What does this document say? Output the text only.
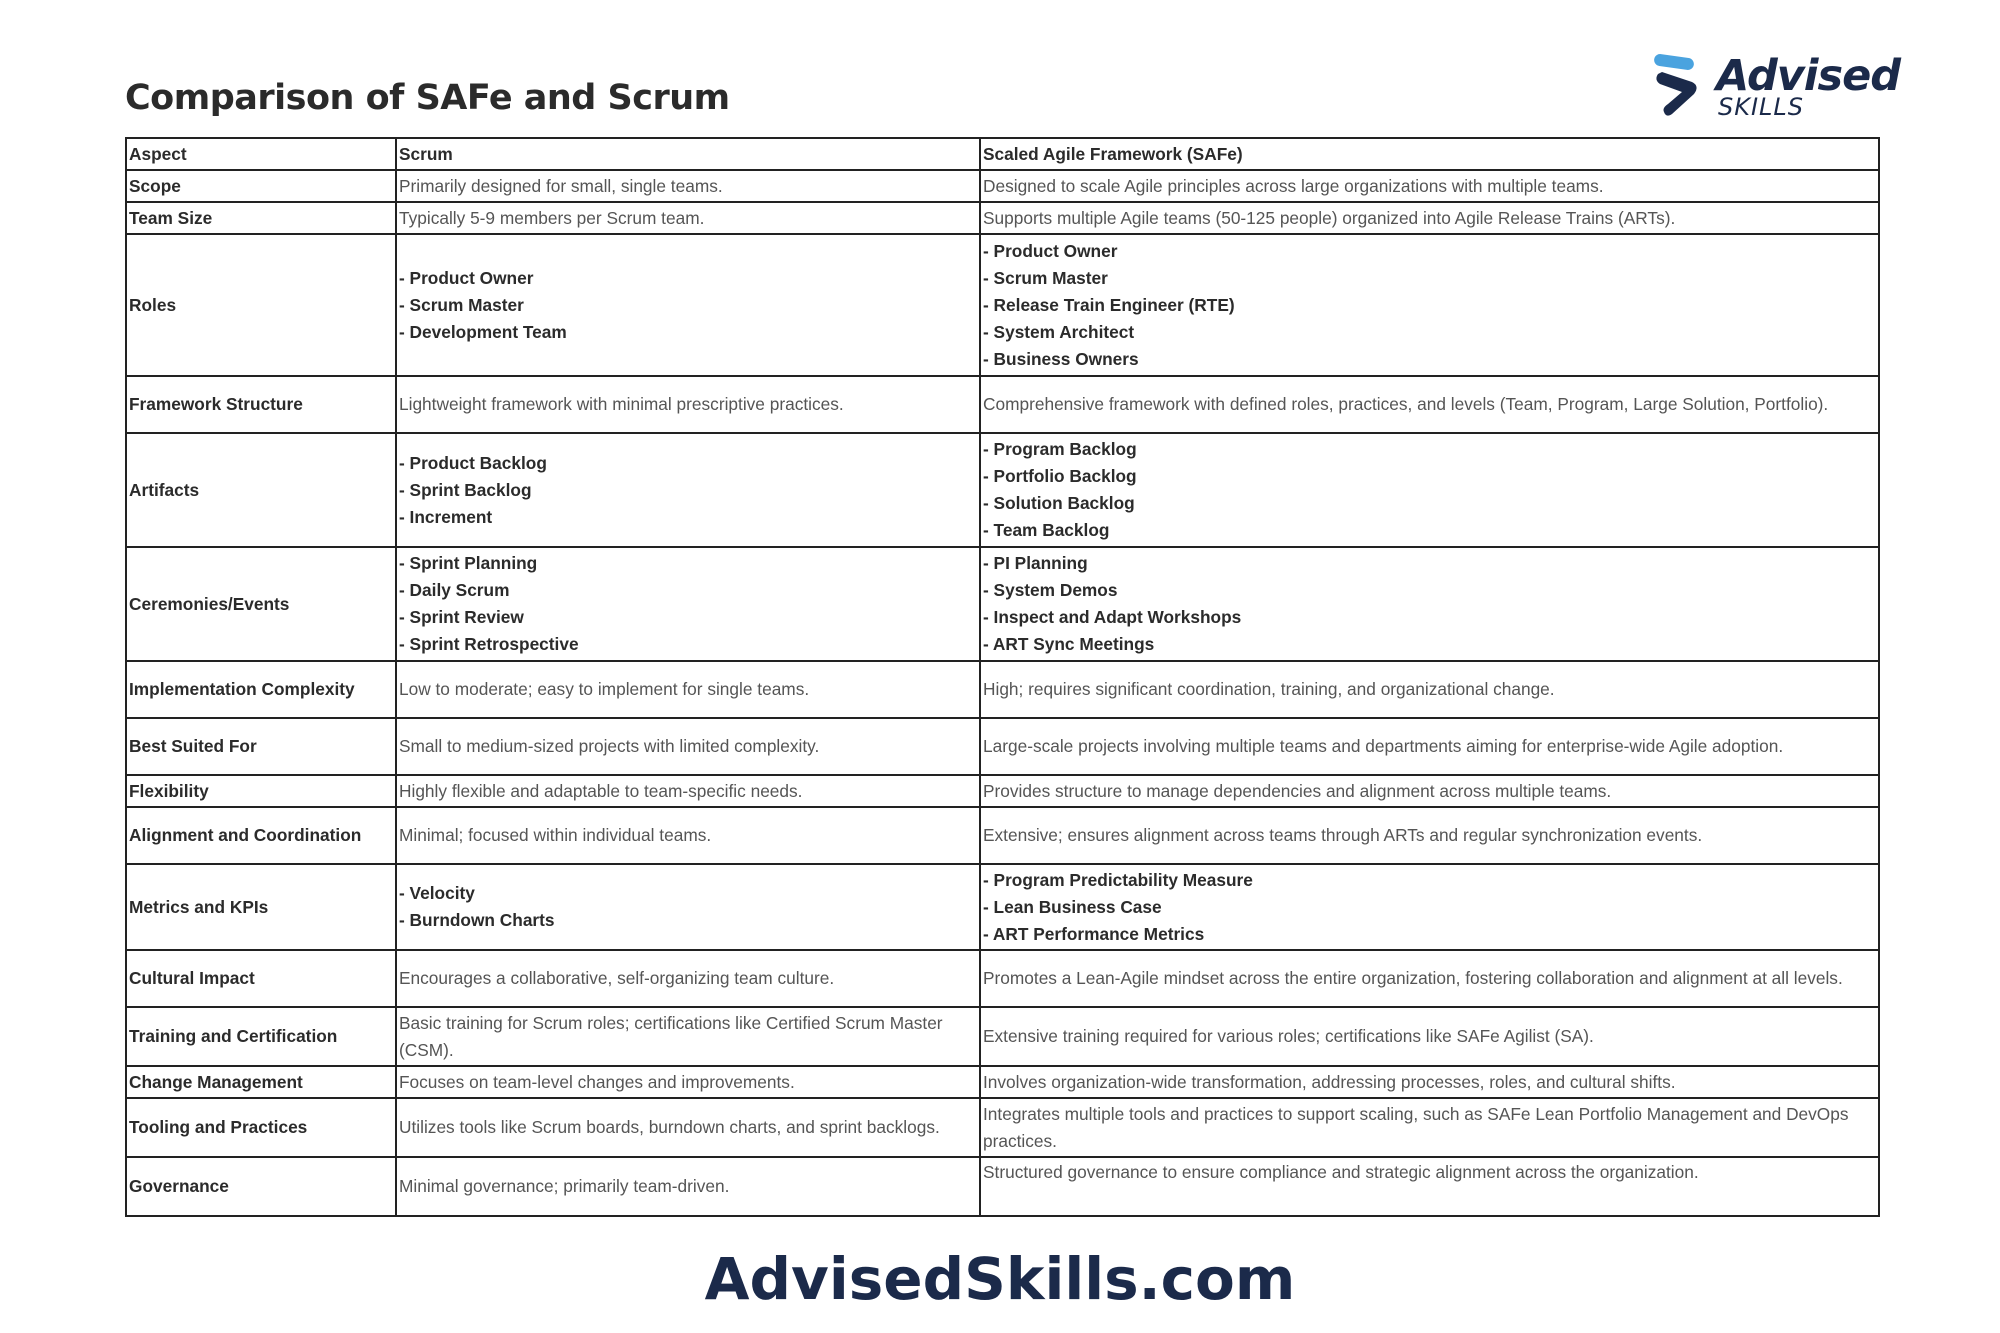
Comparison of SAFe and Scrum	Advised
SKILLS
Aspect	Scrum	Scaled Agile Framework (SAFe)
Scope	Primarily designed for small, single teams.	Designed to scale Agile principles across large organizations with multiple teams.
Team Size	Typically 5-9 members per Scrum team.	Supports multiple Agile teams (50-125 people) organized into Agile Release Trains (ARTs).
Roles	- Product Owner
- Scrum Master
- Development Team	- Product Owner
- Scrum Master
- Release Train Engineer (RTE)
- System Architect
- Business Owners

Framework Structure	Lightweight framework with minimal prescriptive practices.	Comprehensive framework with defined roles, practices, and levels (Team, Program, Large Solution, Portfolio).
Artifacts	- Product Backlog
- Sprint Backlog
- Increment	- Program Backlog
- Portfolio Backlog
- Solution Backlog
- Team Backlog

Ceremonies/Events	- Sprint Planning
- Daily Scrum
- Sprint Review
- Sprint Retrospective	- PI Planning
- System Demos
- Inspect and Adapt Workshops
- ART Sync Meetings

Implementation Complexity	Low to moderate; easy to implement for single teams.	High; requires significant coordination, training, and organizational change.
Best Suited For	Small to medium-sized projects with limited complexity.	Large-scale projects involving multiple teams and departments aiming for enterprise-wide Agile adoption.
Flexibility	Highly flexible and adaptable to team-specific needs.	Provides structure to manage dependencies and alignment across multiple teams.
Alignment and Coordination	Minimal; focused within individual teams.	Extensive; ensures alignment across teams through ARTs and regular synchronization events.
Metrics and KPIs	- Velocity
- Burndown Charts	- Program Predictability Measure
- Lean Business Case
- ART Performance Metrics

Cultural Impact	Encourages a collaborative, self-organizing team culture.	Promotes a Lean-Agile mindset across the entire organization, fostering collaboration and alignment at all levels.
Training and Certification	Basic training for Scrum roles; certifications like Certified Scrum Master (CSM).	Extensive training required for various roles; certifications like SAFe Agilist (SA).
Change Management	Focuses on team-level changes and improvements.	Involves organization-wide transformation, addressing processes, roles, and cultural shifts.
Tooling and Practices	Utilizes tools like Scrum boards, burndown charts, and sprint backlogs.	Integrates multiple tools and practices to support scaling, such as SAFe Lean Portfolio Management and DevOps practices.
Governance	Minimal governance; primarily team-driven.	Structured governance to ensure compliance and strategic alignment across the organization.
AdvisedSkills.com
